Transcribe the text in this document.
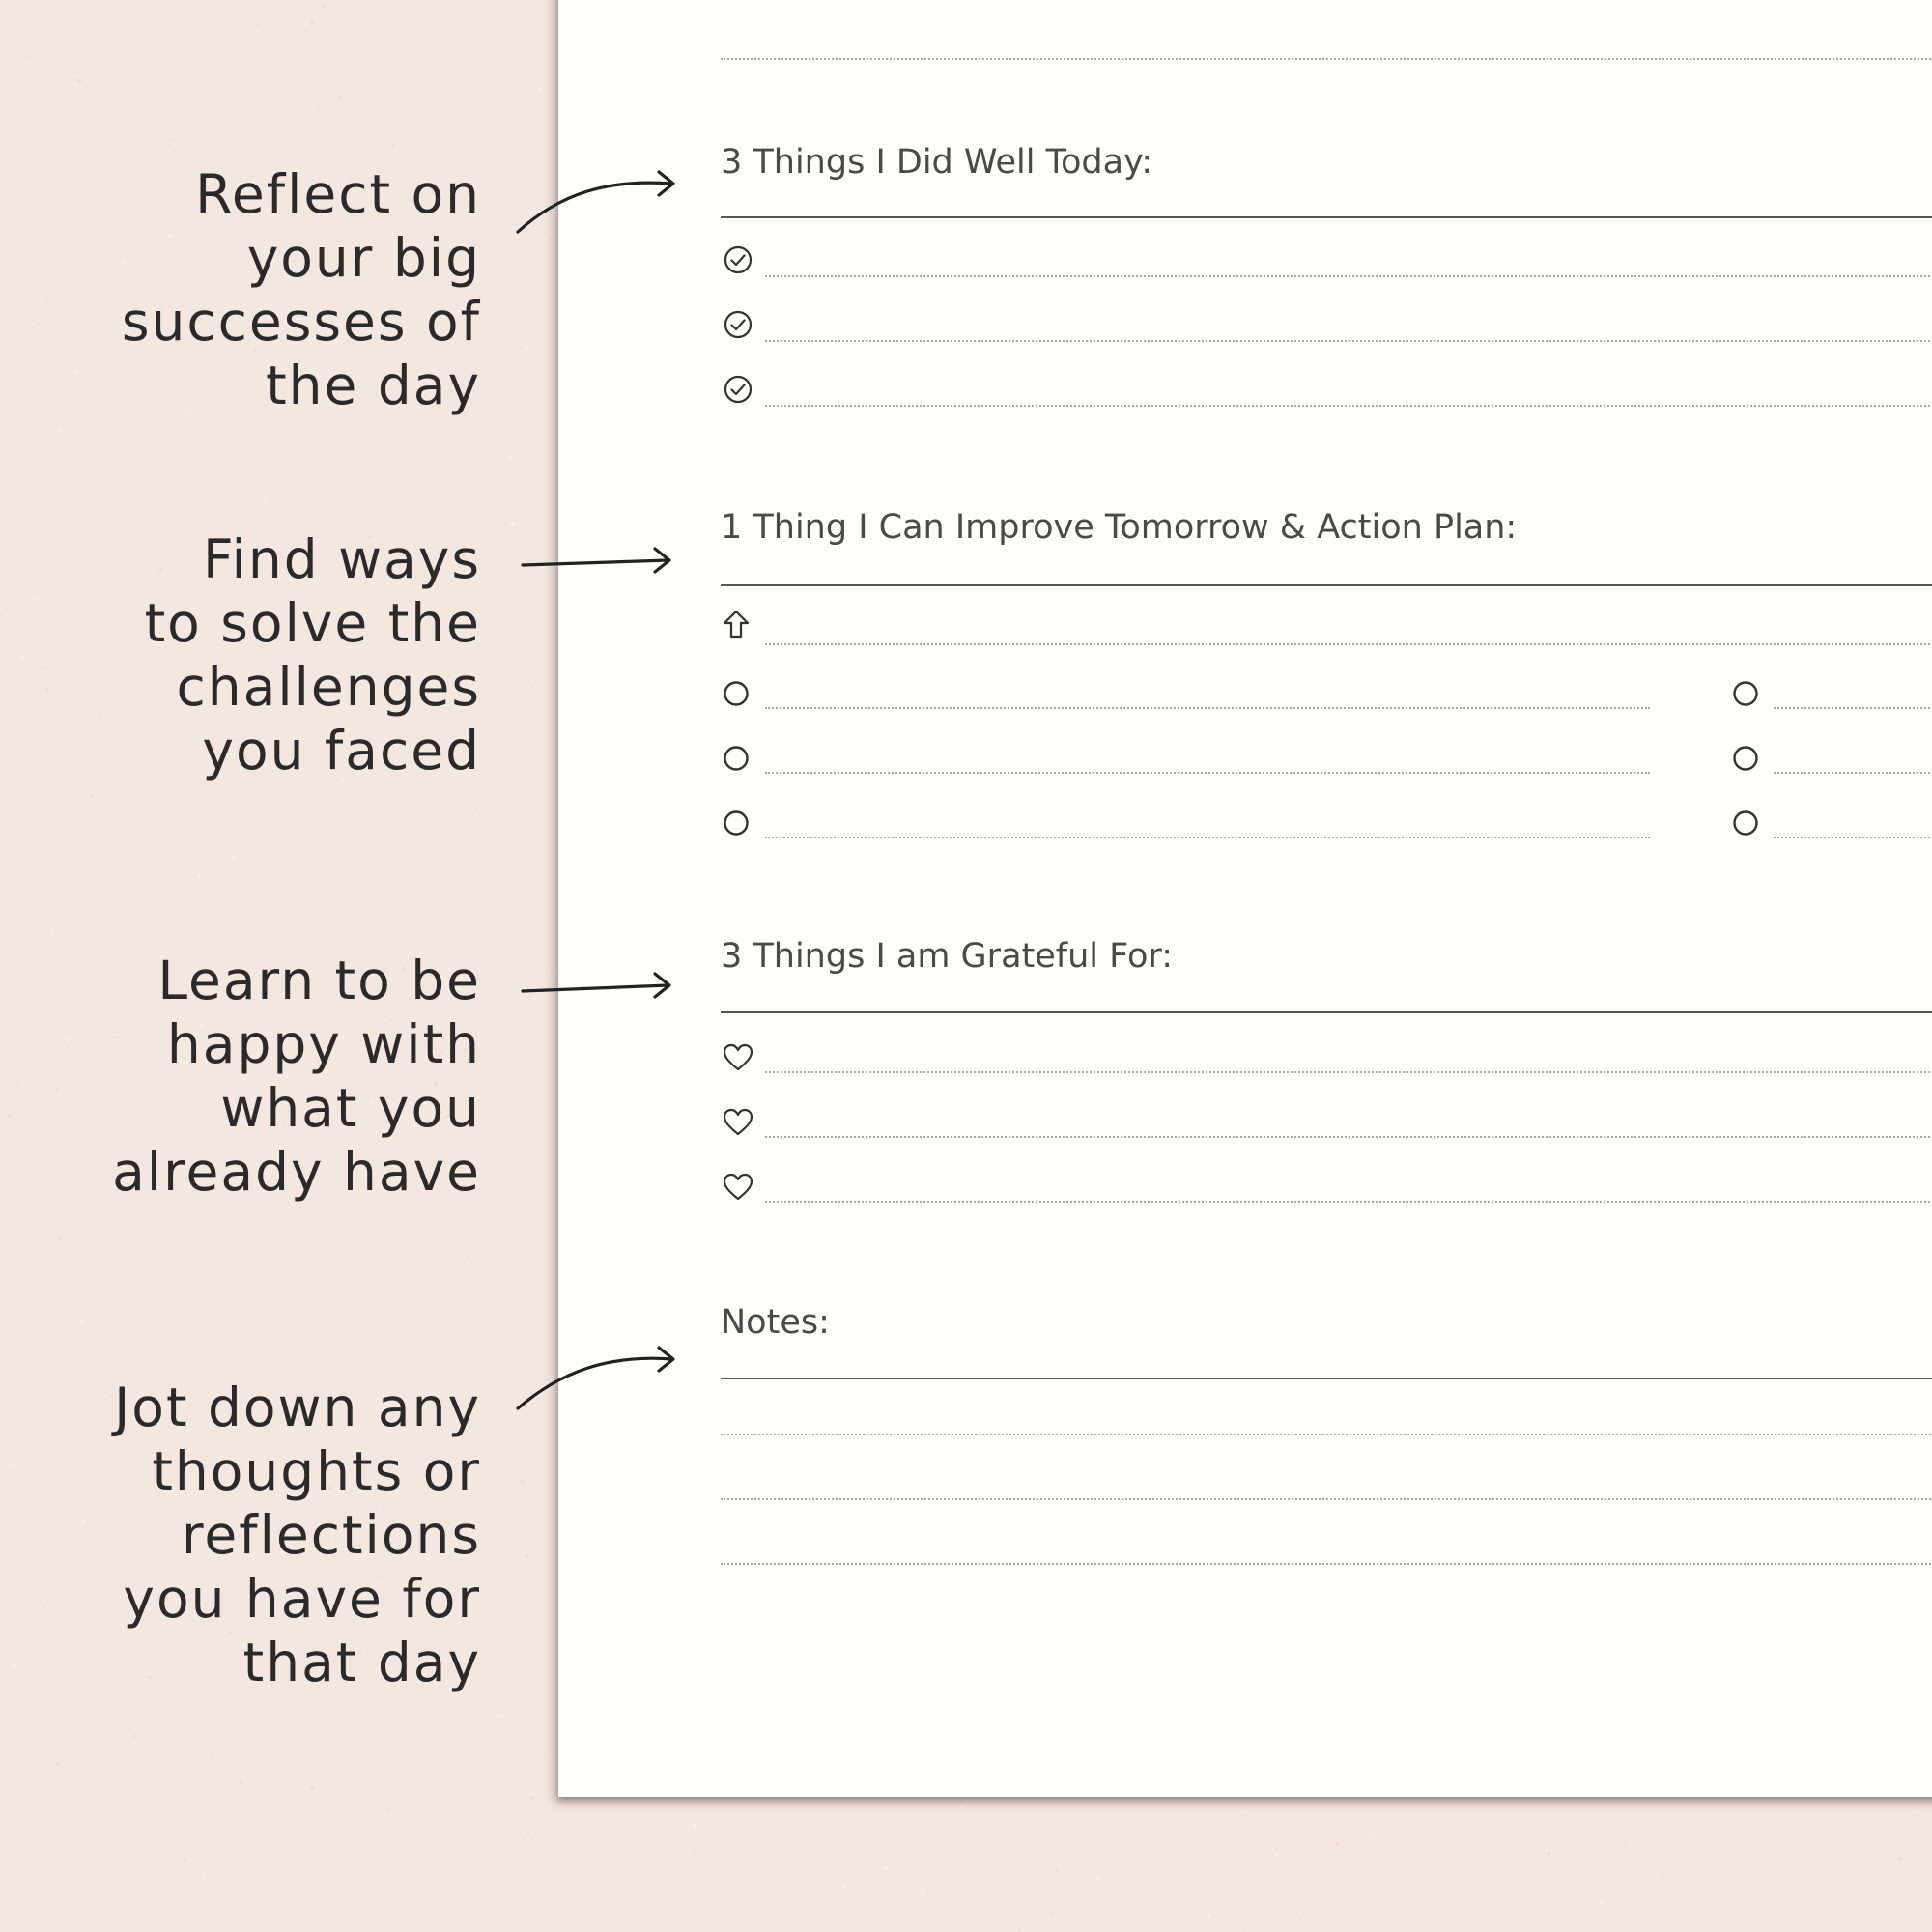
Reflect on
your big
successes of
the day
Find ways
to solve the
challenges
you faced
Learn to be
happy with
what you
already have
Jot down any
thoughts or
reflections
you have for
that day
3 Things I Did Well Today:
1 Thing I Can Improve Tomorrow & Action Plan:
3 Things I am Grateful For:
Notes:
